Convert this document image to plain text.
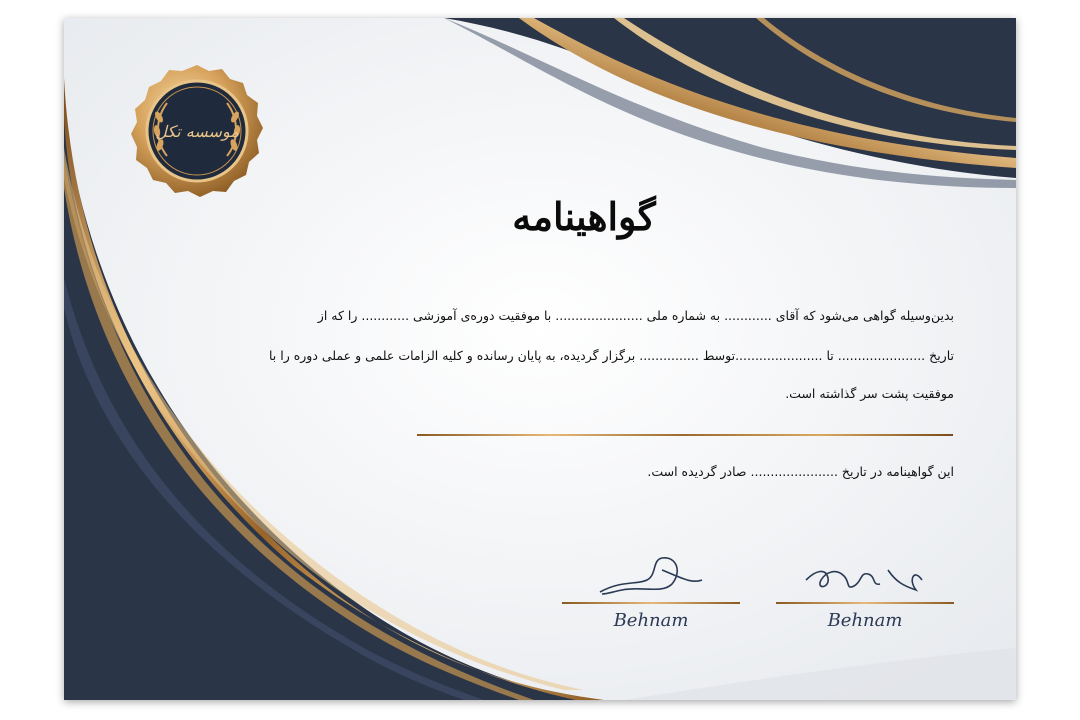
موسسه تکل
گواهینامه
بدین‌وسیله گواهی می‌شود که آقای ............ به شماره ملی ...................... با موفقیت دوره‌ی آموزشی ............ را که از
تاریخ ...................... تا ......................توسط ............... برگزار گردیده، به پایان رسانده و کلیه الزامات علمی و عملی دوره را با
موفقیت پشت سر گذاشته است.
این گواهینامه در تاریخ ...................... صادر گردیده است.
Behnam	Behnam
